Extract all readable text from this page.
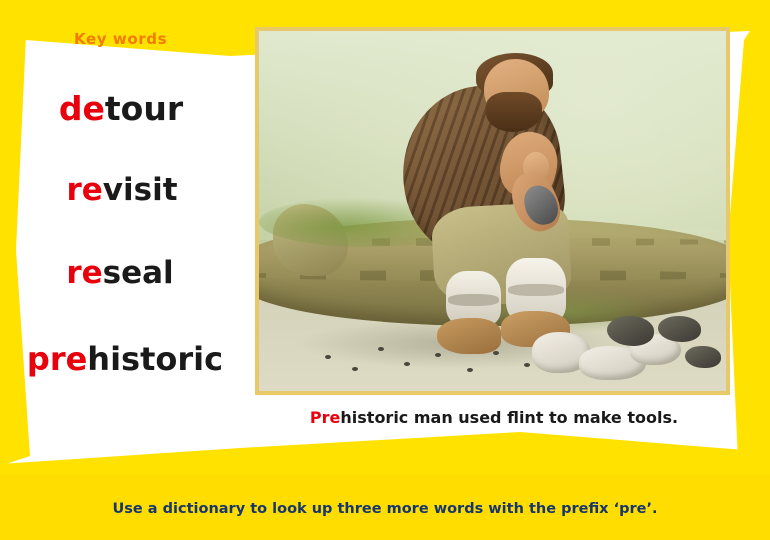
Key words
detour
revisit
reseal
prehistoric
Prehistoric man used flint to make tools.
Use a dictionary to look up three more words with the prefix ‘pre’.
